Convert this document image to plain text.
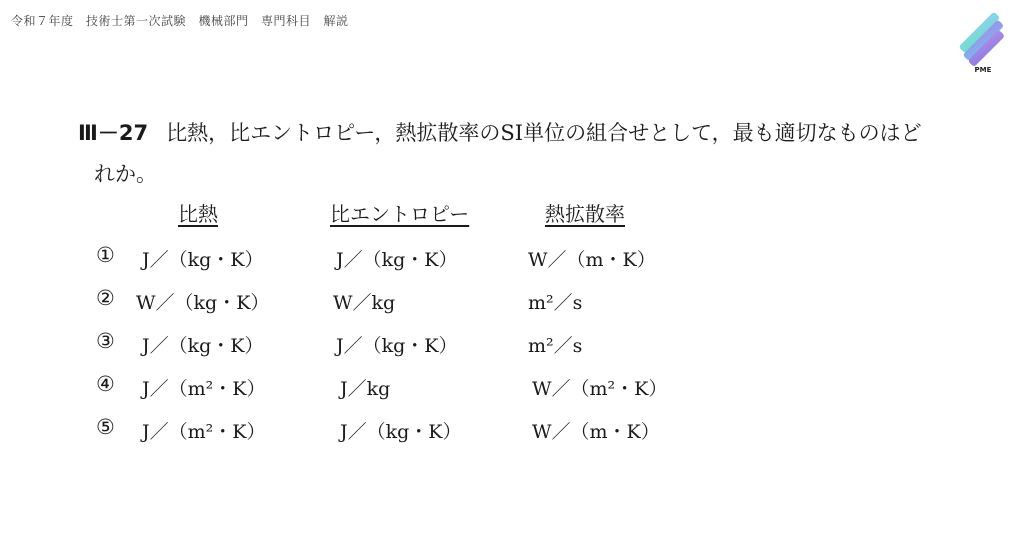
令和７年度　技術士第一次試験　機械部門　専門科目　解説
PME
Ⅲ－27 比熱，比エントロピー，熱拡散率のSI単位の組合せとして，最も適切なものはど
れか。
比熱	比エントロピー	熱拡散率
① J／（kg・K）	J／（kg・K）	W／（m・K）
② W／（kg・K）	W／kg	m²／s
③ J／（kg・K）	J／（kg・K）	m²／s
④ J／（m²・K）	J／kg	W／（m²・K）
⑤ J／（m²・K）	J／（kg・K）	W／（m・K）
